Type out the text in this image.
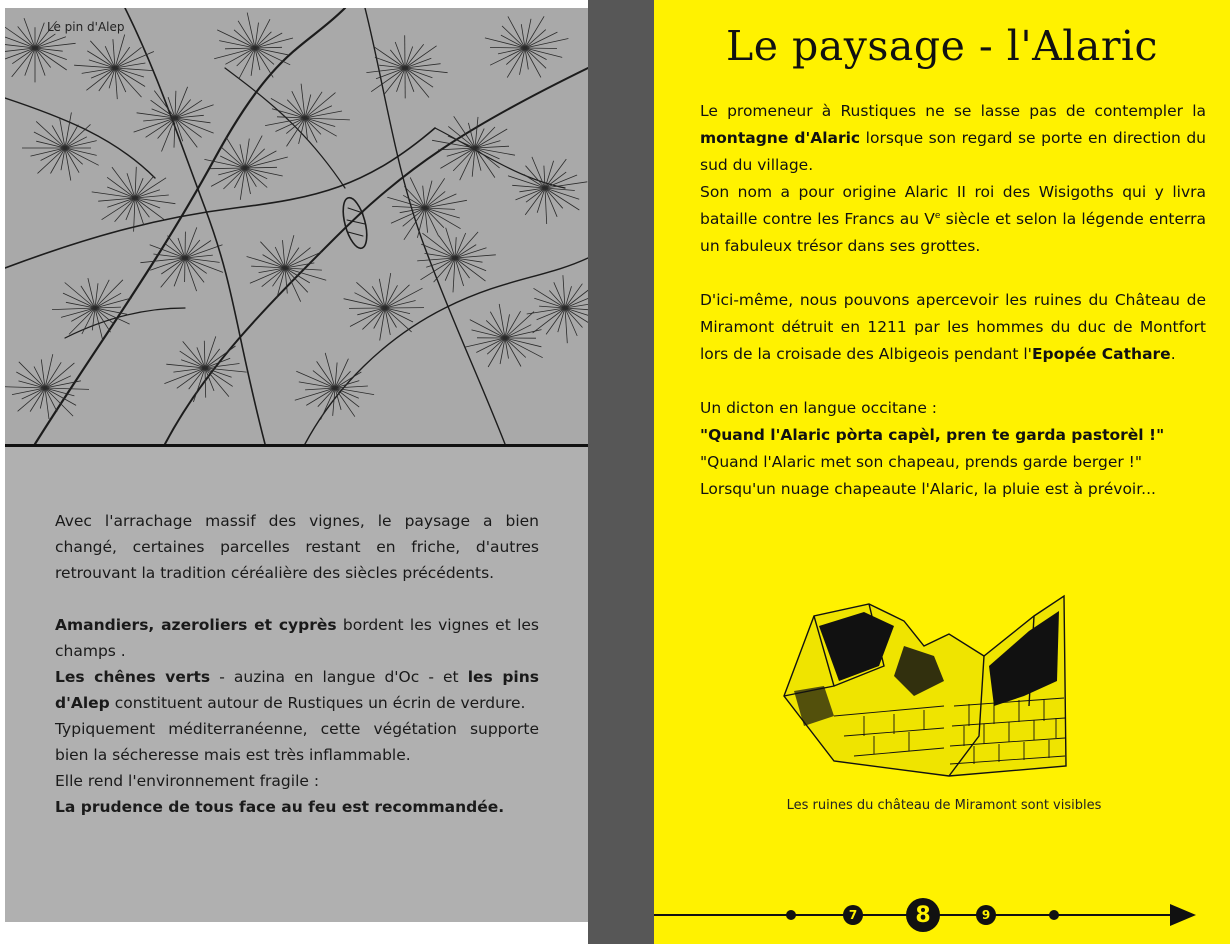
Le pin d'Alep

Avec l'arrachage massif des vignes, le paysage a bien changé, certaines parcelles restant en friche, d'autres retrouvant la tradition céréalière des siècles précédents.

Amandiers, azeroliers et cyprès bordent les vignes et les champs .

Les chênes verts - auzina en langue d'Oc - et les pins d'Alep constituent autour de Rustiques un écrin de verdure.

Typiquement méditerranéenne, cette végétation supporte bien la sécheresse mais est très inflammable.

Elle rend l'environnement fragile :

La prudence de tous face au feu est recommandée.

Le paysage - l'Alaric

Le promeneur à Rustiques ne se lasse pas de contempler la montagne d'Alaric lorsque son regard se porte en direction du sud du village.

Son nom a pour origine Alaric II roi des Wisigoths qui y livra bataille contre les Francs au Ve siècle et selon la légende enterra un fabuleux trésor dans ses grottes.

D'ici-même, nous pouvons apercevoir les ruines du Château de Miramont détruit en 1211 par les hommes du duc de Montfort lors de la croisade des Albigeois pendant l'Epopée Cathare.

Un dicton en langue occitane :

"Quand l'Alaric pòrta capèl, pren te garda pastorèl !"

"Quand l'Alaric met son chapeau, prends garde berger !"

Lorsqu'un nuage chapeaute l'Alaric, la pluie est à prévoir...

Les ruines du château de Miramont sont visibles
7	8	9
